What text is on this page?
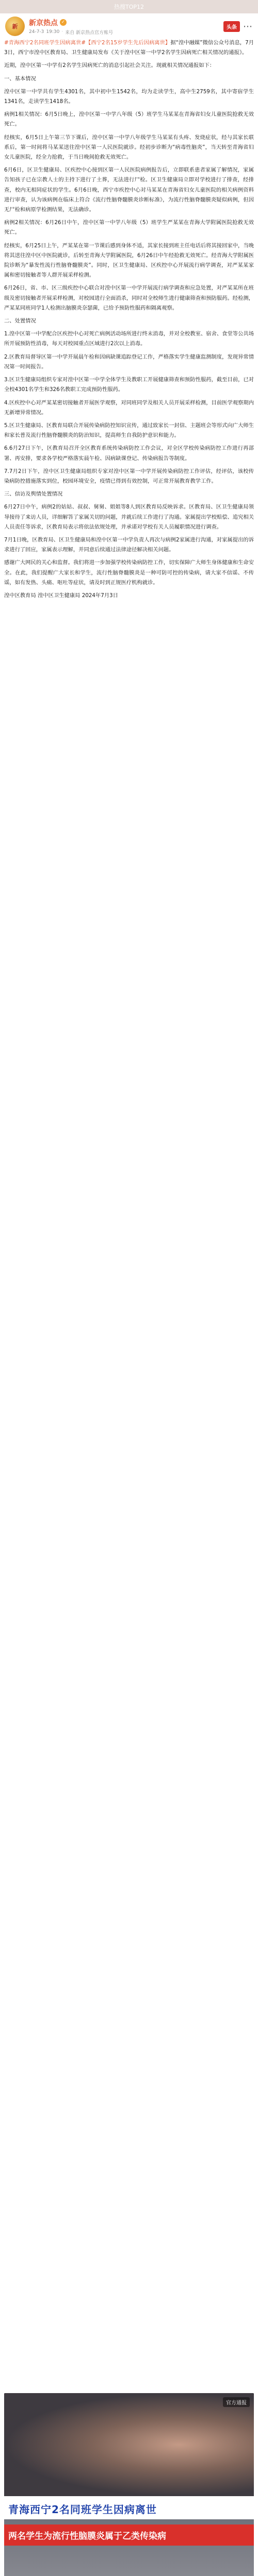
热搜TOP12
新 新京热点 ✓
24-7-3 19:30 · 来自 新京热点官方账号
头条 ⋯

#青海西宁2名同班学生因病离世#【西宁2名15岁学生先后因病离世】据“湟中融媒”微信公众号消息，7月3日，西宁市湟中区教育局、卫生健康局发布《关于湟中区第一中学2名学生因病死亡相关情况的通报》。

近期，湟中区第一中学有2名学生因病死亡的消息引起社会关注。现就相关情况通报如下：

一、基本情况

湟中区第一中学共有学生4301名，其中初中生1542名，均为走读学生，高中生2759名，其中寄宿学生1341名，走读学生1418名。

病例1相关情况：6月5日晚上，湟中区第一中学八年级（5）班学生马某某在青海省妇女儿童医院抢救无效死亡。

经核实，6月5日上午第三节下课后，湟中区第一中学八年级学生马某某有头疼、发烧症状，经与其家长联系后，第一时间将马某某送往湟中区第一人民医院就诊。经初步诊断为“病毒性脑炎”，当天转至青海省妇女儿童医院，经全力抢救，于当日晚间抢救无效死亡。

6月6日，区卫生健康局、区疾控中心接到区第一人民医院病例报告后，立即联系患者家属了解情况，家属告知孩子已在宗教人士的主持下进行了土葬，无法进行尸检。区卫生健康局立即对学校进行了排查，经排查，校内无相同症状的学生。6月6日晚，西宁市疾控中心对马某某在青海省妇女儿童医院的相关病例资料进行审查，认为该病例在临床上符合《流行性脑脊髓膜炎诊断标准》，为流行性脑脊髓膜炎疑似病例，但因无尸检和病原学检测结果，无法确诊。

病例2相关情况：6月26日中午，湟中区第一中学八年级（5）班学生严某某在青海大学附属医院抢救无效死亡。

经核实，6月25日上午，严某某在第一节课后感到身体不适，其家长接到班主任电话后将其接回家中，当晚将其送往湟中区中医院就诊，后转至青海大学附属医院，6月26日中午经抢救无效死亡。经青海大学附属医院诊断为“暴发性流行性脑脊髓膜炎”。同时，区卫生健康局、区疾控中心开展流行病学调查，对严某某家属和密切接触者等人群开展采样检测。

6月26日，省、市、区三级疾控中心联合对湟中区第一中学开展流行病学调查和应急处置，对严某某所在班级及密切接触者开展采样检测，对校园进行全面消杀，同时对全校师生进行健康筛查和预防服药。经检测，严某某同班同学1人检测出脑膜炎奈瑟菌，已给予预防性服药和隔离观察。

二、处置情况

1.湟中区第一中学配合区疾控中心对死亡病例活动场所进行终末消毒，并对全校教室、宿舍、食堂等公共场所开展预防性消毒，每天对校园重点区域进行2次以上消毒。

2.区教育局督导区第一中学开展晨午检和因病缺课追踪登记工作，严格落实学生健康监测制度，发现异常情况第一时间报告。

3.区卫生健康局组织专家对湟中区第一中学全体学生及教职工开展健康筛查和预防性服药，截至目前，已对全校4301名学生和326名教职工完成预防性服药。

4.区疾控中心对严某某密切接触者开展医学观察，对同班同学及相关人员开展采样检测，目前医学观察期内无新增异常情况。

5.区卫生健康局、区教育局联合开展传染病防控知识宣传，通过致家长一封信、主题班会等形式向广大师生和家长普及流行性脑脊髓膜炎的防治知识，提高师生自我防护意识和能力。

6.6月27日下午，区教育局召开全区教育系统传染病防控工作会议，对全区学校传染病防控工作进行再部署、再安排，要求各学校严格落实晨午检、因病缺课登记、传染病报告等制度。

7.7月2日下午，湟中区卫生健康局组织专家对湟中区第一中学开展传染病防控工作评估，经评估，该校传染病防控措施落实到位，校园环境安全，疫情已得到有效控制，可正常开展教育教学工作。

三、信访及舆情处置情况

6月27日中午，病例2的姑姑、叔叔、舅舅、姐姐等8人到区教育局反映诉求。区教育局、区卫生健康局领导接待了来访人员，详细解答了家属关切的问题，并就后续工作进行了沟通。家属提出学校赔偿、追究相关人员责任等诉求，区教育局表示将依法依规处理，并承诺对学校有关人员履职情况进行调查。

7月1日晚，区教育局、区卫生健康局和湟中区第一中学负责人再次与病例2家属进行沟通，对家属提出的诉求进行了回应，家属表示理解，并同意后续通过法律途径解决相关问题。

感谢广大网民的关心和监督。我们将进一步加强学校传染病防控工作，切实保障广大师生身体健康和生命安全。在此，我们提醒广大家长和学生，流行性脑脊髓膜炎是一种可防可控的传染病，请大家不信谣、不传谣，如有发热、头痛、呕吐等症状，请及时到正规医疗机构就诊。

湟中区教育局 湟中区卫生健康局 2024年7月3日

官方通报
青海西宁2名同班学生因病离世
两名学生为流行性脑膜炎属于乙类传染病
